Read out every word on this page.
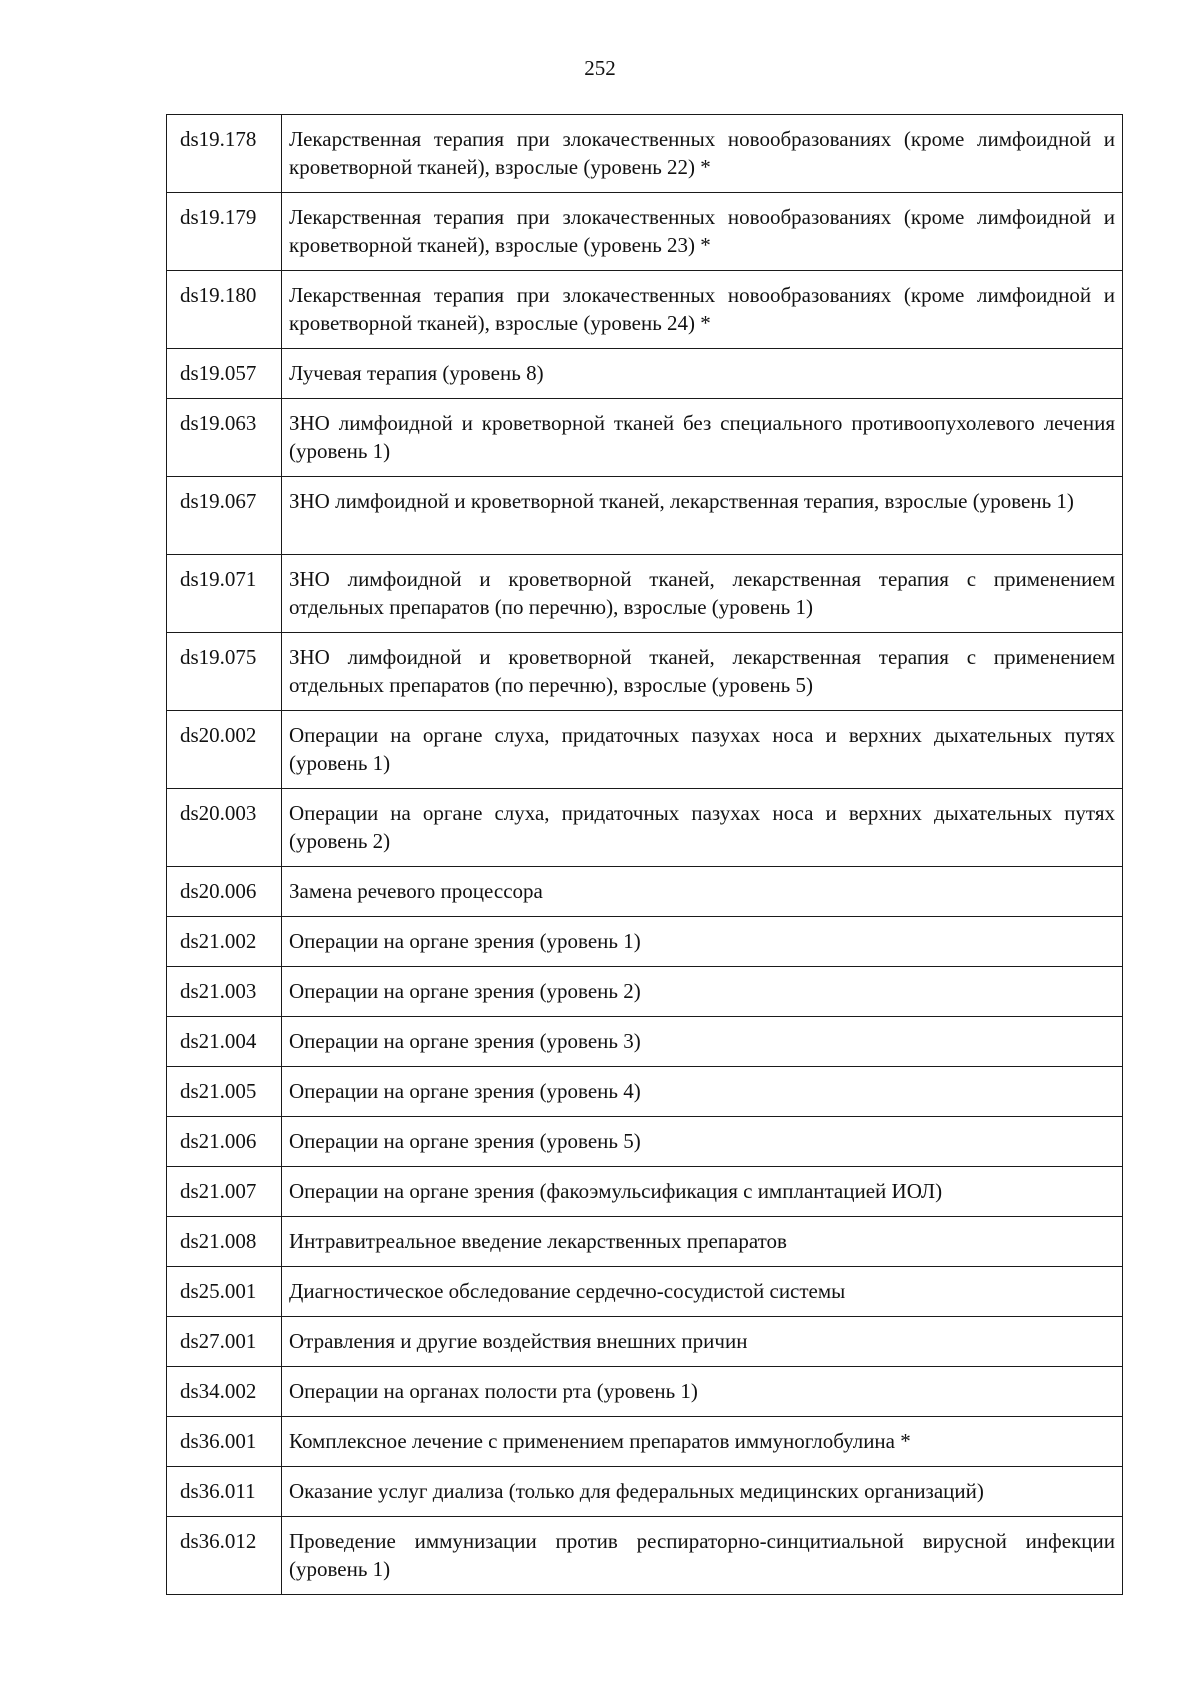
252
ds19.178	Лекарственная терапия при злокачественных новообразованиях (кроме лимфоидной и кроветворной тканей), взрослые (уровень 22) *
ds19.179	Лекарственная терапия при злокачественных новообразованиях (кроме лимфоидной и кроветворной тканей), взрослые (уровень 23) *
ds19.180	Лекарственная терапия при злокачественных новообразованиях (кроме лимфоидной и кроветворной тканей), взрослые (уровень 24) *
ds19.057	Лучевая терапия (уровень 8)
ds19.063	ЗНО лимфоидной и кроветворной тканей без специального противоопухолевого лечения (уровень 1)
ds19.067	ЗНО лимфоидной и кроветворной тканей, лекарственная терапия, взрослые (уровень 1)
ds19.071	ЗНО лимфоидной и кроветворной тканей, лекарственная терапия с применением отдельных препаратов (по перечню), взрослые (уровень 1)
ds19.075	ЗНО лимфоидной и кроветворной тканей, лекарственная терапия с применением отдельных препаратов (по перечню), взрослые (уровень 5)
ds20.002	Операции на органе слуха, придаточных пазухах носа и верхних дыхательных путях (уровень 1)
ds20.003	Операции на органе слуха, придаточных пазухах носа и верхних дыхательных путях (уровень 2)
ds20.006	Замена речевого процессора
ds21.002	Операции на органе зрения (уровень 1)
ds21.003	Операции на органе зрения (уровень 2)
ds21.004	Операции на органе зрения (уровень 3)
ds21.005	Операции на органе зрения (уровень 4)
ds21.006	Операции на органе зрения (уровень 5)
ds21.007	Операции на органе зрения (факоэмульсификация с имплантацией ИОЛ)
ds21.008	Интравитреальное введение лекарственных препаратов
ds25.001	Диагностическое обследование сердечно-сосудистой системы
ds27.001	Отравления и другие воздействия внешних причин
ds34.002	Операции на органах полости рта (уровень 1)
ds36.001	Комплексное лечение с применением препаратов иммуноглобулина *
ds36.011	Оказание услуг диализа (только для федеральных медицинских организаций)
ds36.012	Проведение иммунизации против респираторно-синцитиальной вирусной инфекции (уровень 1)
